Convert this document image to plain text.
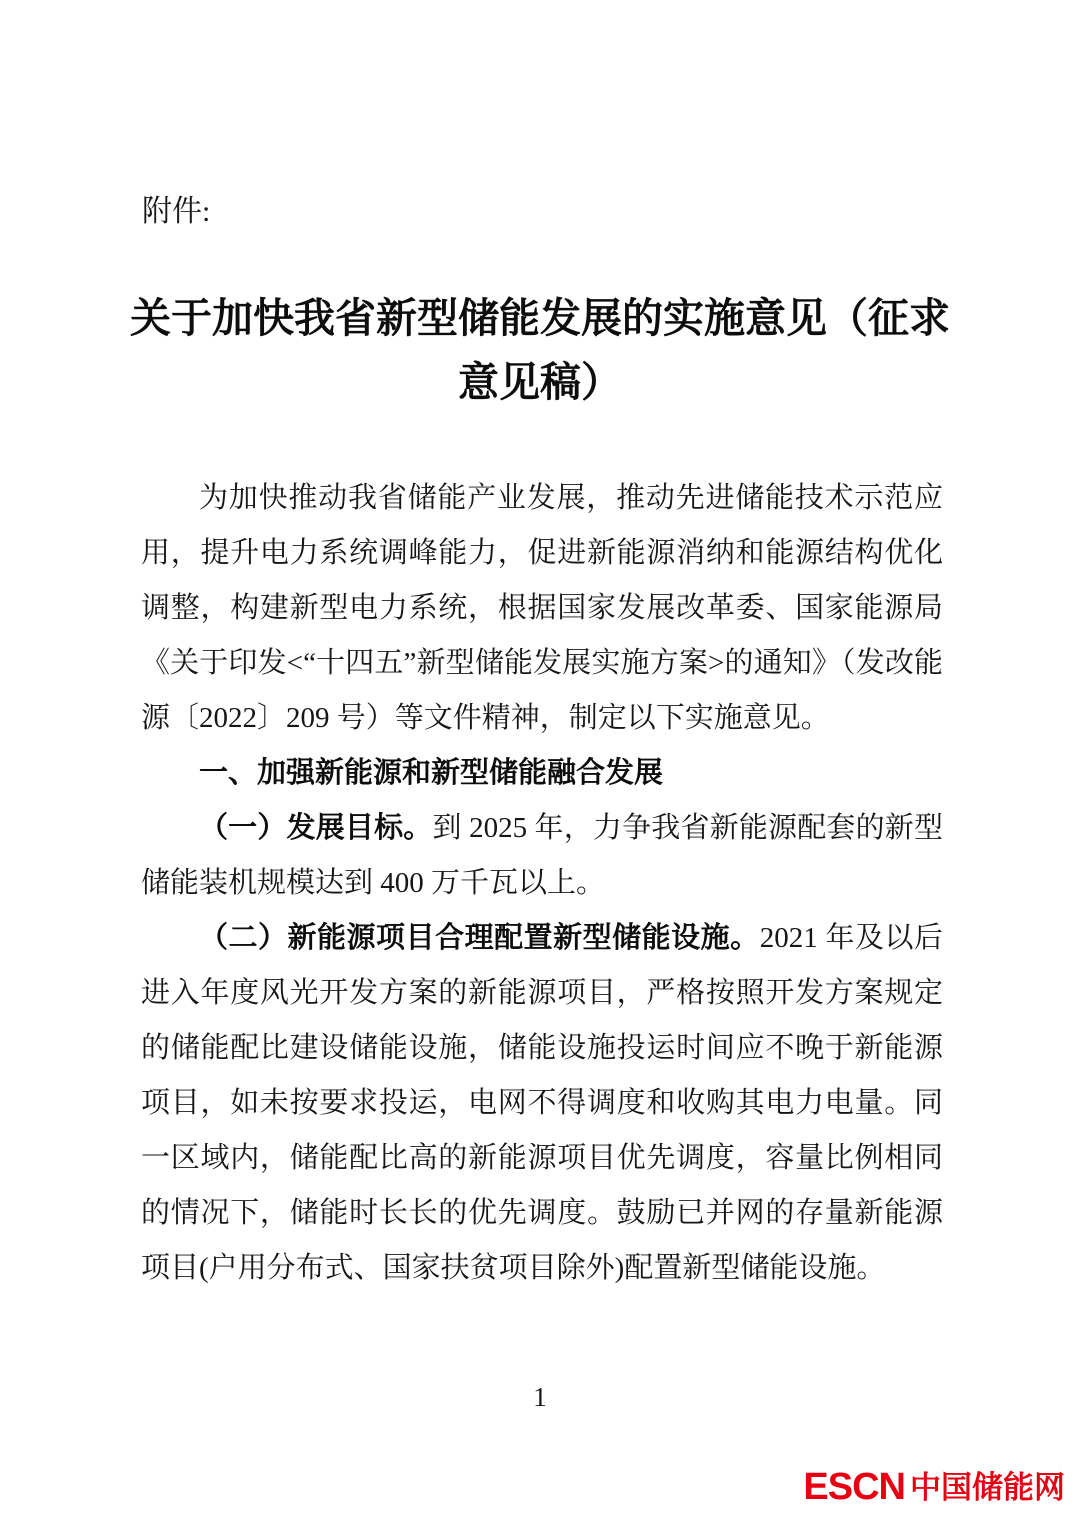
附件:
关于加快我省新型储能发展的实施意见（征求
意见稿）

为加快推动我省储能产业发展，推动先进储能技术示范应用，提升电力系统调峰能力，促进新能源消纳和能源结构优化调整，构建新型电力系统，根据国家发展改革委、国家能源局《关于印发<“十四五”新型储能发展实施方案>的通知》（发改能源〔2022〕209 号）等文件精神，制定以下实施意见。

一、加强新能源和新型储能融合发展

（一）发展目标。到 2025 年，力争我省新能源配套的新型储能装机规模达到 400 万千瓦以上。

（二）新能源项目合理配置新型储能设施。2021 年及以后进入年度风光开发方案的新能源项目，严格按照开发方案规定的储能配比建设储能设施，储能设施投运时间应不晚于新能源项目，如未按要求投运，电网不得调度和收购其电力电量。同一区域内，储能配比高的新能源项目优先调度，容量比例相同的情况下，储能时长长的优先调度。鼓励已并网的存量新能源项目(户用分布式、国家扶贫项目除外)配置新型储能设施。

1
ESCN 中国储能网
